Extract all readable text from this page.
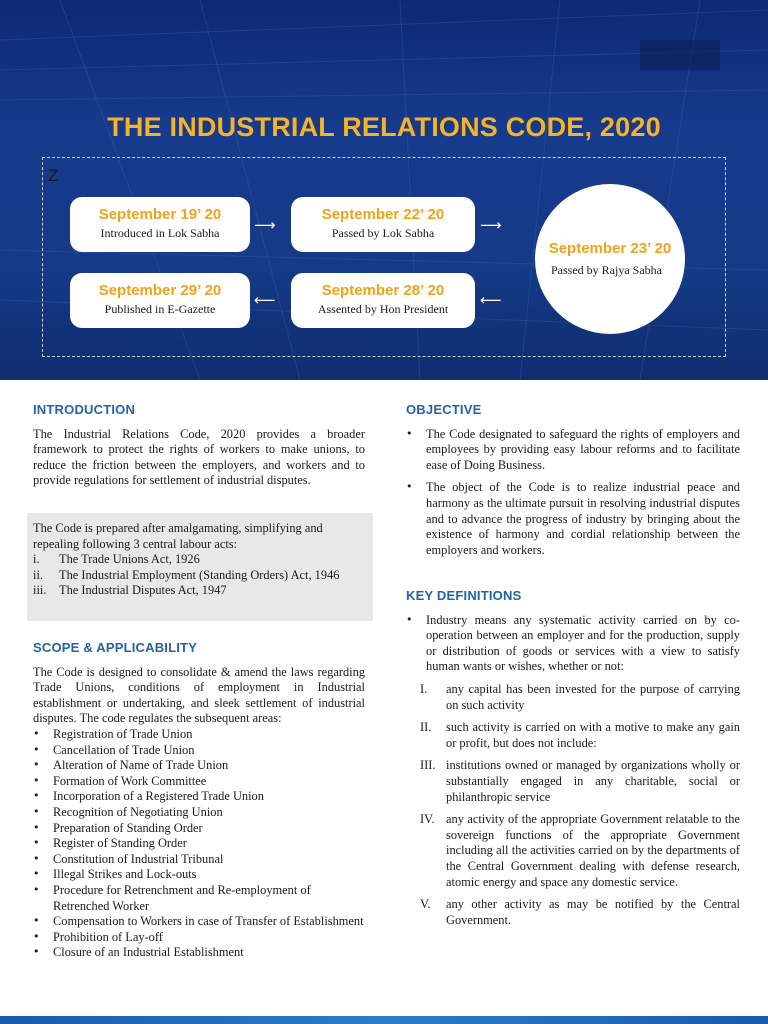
THE INDUSTRIAL RELATIONS CODE, 2020
Z
September 19’ 20
Introduced in Lok Sabha
September 22’ 20
Passed by Lok Sabha
September 23’ 20
Passed by Rajya Sabha
September 28’ 20
Assented by Hon President
September 29’ 20
Published in E-Gazette
⟶	⟶
⟵
⟵
INTRODUCTION

The Industrial Relations Code, 2020 provides a broader framework to protect the rights of workers to make unions, to reduce the friction between the employers, and workers and to provide regulations for settlement of industrial disputes.

The Code is prepared after amalgamating, simplifying and repealing following 3 central labour acts:

i.	The Trade Unions Act, 1926
ii.	The Industrial Employment (Standing Orders) Act, 1946
iii.	The Industrial Disputes Act, 1947
SCOPE & APPLICABILITY

The Code is designed to consolidate & amend the laws regarding Trade Unions, conditions of employment in Industrial establishment or undertaking, and sleek settlement of industrial disputes. The code regulates the subsequent areas:

• Registration of Trade Union
• Cancellation of Trade Union
• Alteration of Name of Trade Union
• Formation of Work Committee
• Incorporation of a Registered Trade Union
• Recognition of Negotiating Union
• Preparation of Standing Order
• Register of Standing Order
• Constitution of Industrial Tribunal
• Illegal Strikes and Lock-outs
• Procedure for Retrenchment and Re-employment of Retrenched Worker
• Compensation to Workers in case of Transfer of Establishment
• Prohibition of Lay-off
• Closure of an Industrial Establishment
OBJECTIVE
• The Code designated to safeguard the rights of employers and employees by providing easy labour reforms and to facilitate ease of Doing Business.
• The object of the Code is to realize industrial peace and harmony as the ultimate pursuit in resolving industrial disputes and to advance the progress of industry by bringing about the existence of harmony and cordial relationship between the employers and workers.
KEY DEFINITIONS
• Industry means any systematic activity carried on by co-operation between an employer and for the production, supply or distribution of goods or services with a view to satisfy human wants or wishes, whether or not:
I.	any capital has been invested for the purpose of carrying on such activity
II.	such activity is carried on with a motive to make any gain or profit, but does not include:
III. institutions owned or managed by organizations wholly or substantially engaged in any charitable, social or philanthropic service
IV. any activity of the appropriate Government relatable to the sovereign functions of the appropriate Government including all the activities carried on by the departments of the Central Government dealing with defense research, atomic energy and space any domestic service.
V.	any other activity as may be notified by the Central Government.
